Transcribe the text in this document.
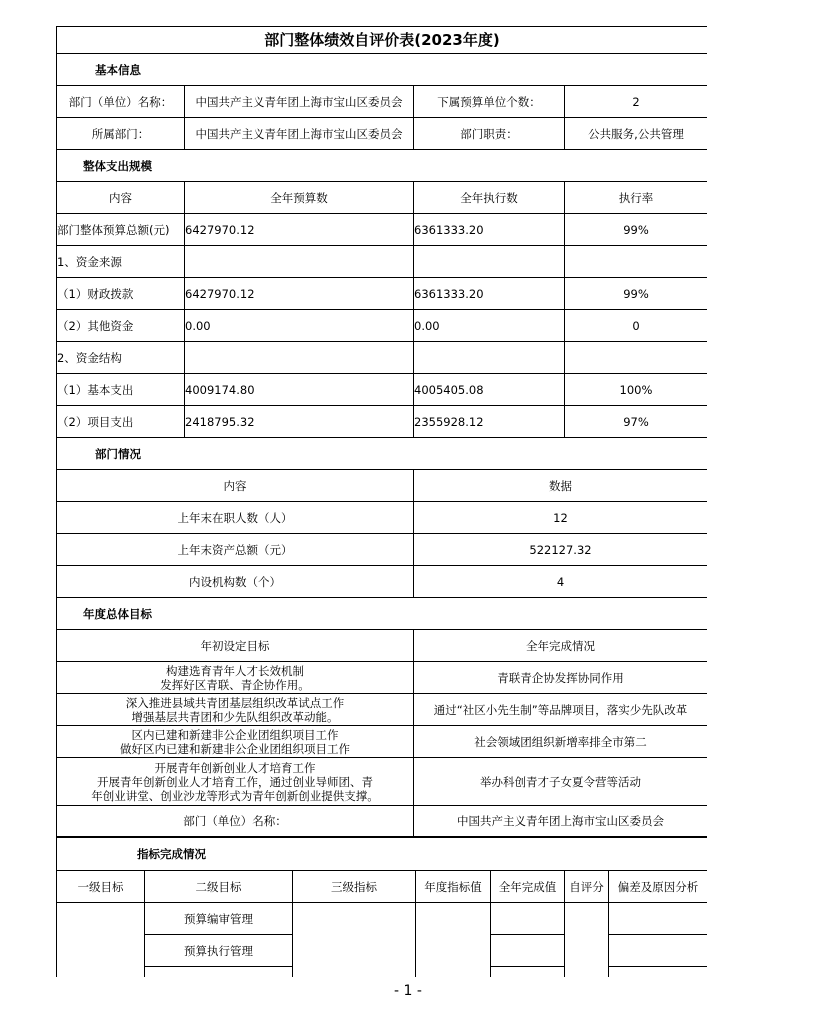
部门整体绩效自评价表(2023年度)								
基本信息								
部门（单位）名称：		中国共产主义青年团上海市宝山区委员会		下属预算单位个数：			2	
所属部门：		中国共产主义青年团上海市宝山区委员会		部门职责：			公共服务,公共管理	
整体支出规模								
内容		全年预算数		全年执行数			执行率	
部门整体预算总额(元)		6427970.12		6361333.20			99%	
1、资金来源								
（1）财政拨款		6427970.12		6361333.20			99%	
（2）其他资金		0.00		0.00			0	
2、资金结构								
（1）基本支出		4009174.80		4005405.08			100%	
（2）项目支出		2418795.32		2355928.12			97%	
部门情况								
内容				数据				
上年末在职人数（人）				12				
上年末资产总额（元）				522127.32				
内设机构数（个）				4				
年度总体目标								
年初设定目标				全年完成情况				

构建选育青年人才长效机制
发挥好区青联、青企协作用。				青联青企协发挥协同作用				

深入推进县域共青团基层组织改革试点工作
增强基层共青团和少先队组织改革动能。				通过“社区小先生制”等品牌项目，落实少先队改革				

区内已建和新建非公企业团组织项目工作
做好区内已建和新建非公企业团组织项目工作				社会领域团组织新增率排全市第二				

开展青年创新创业人才培育工作
开展青年创新创业人才培育工作，通过创业导师团、青
年创业讲堂、创业沙龙等形式为青年创新创业提供支撑。				举办科创青才子女夏令营等活动				
部门（单位）名称：				中国共产主义青年团上海市宝山区委员会				
指标完成情况								
一级目标	二级目标		三级指标		年度指标值	全年完成值	自评分	偏差及原因分析
	预算编审管理							
	预算执行管理							

- 1 -
